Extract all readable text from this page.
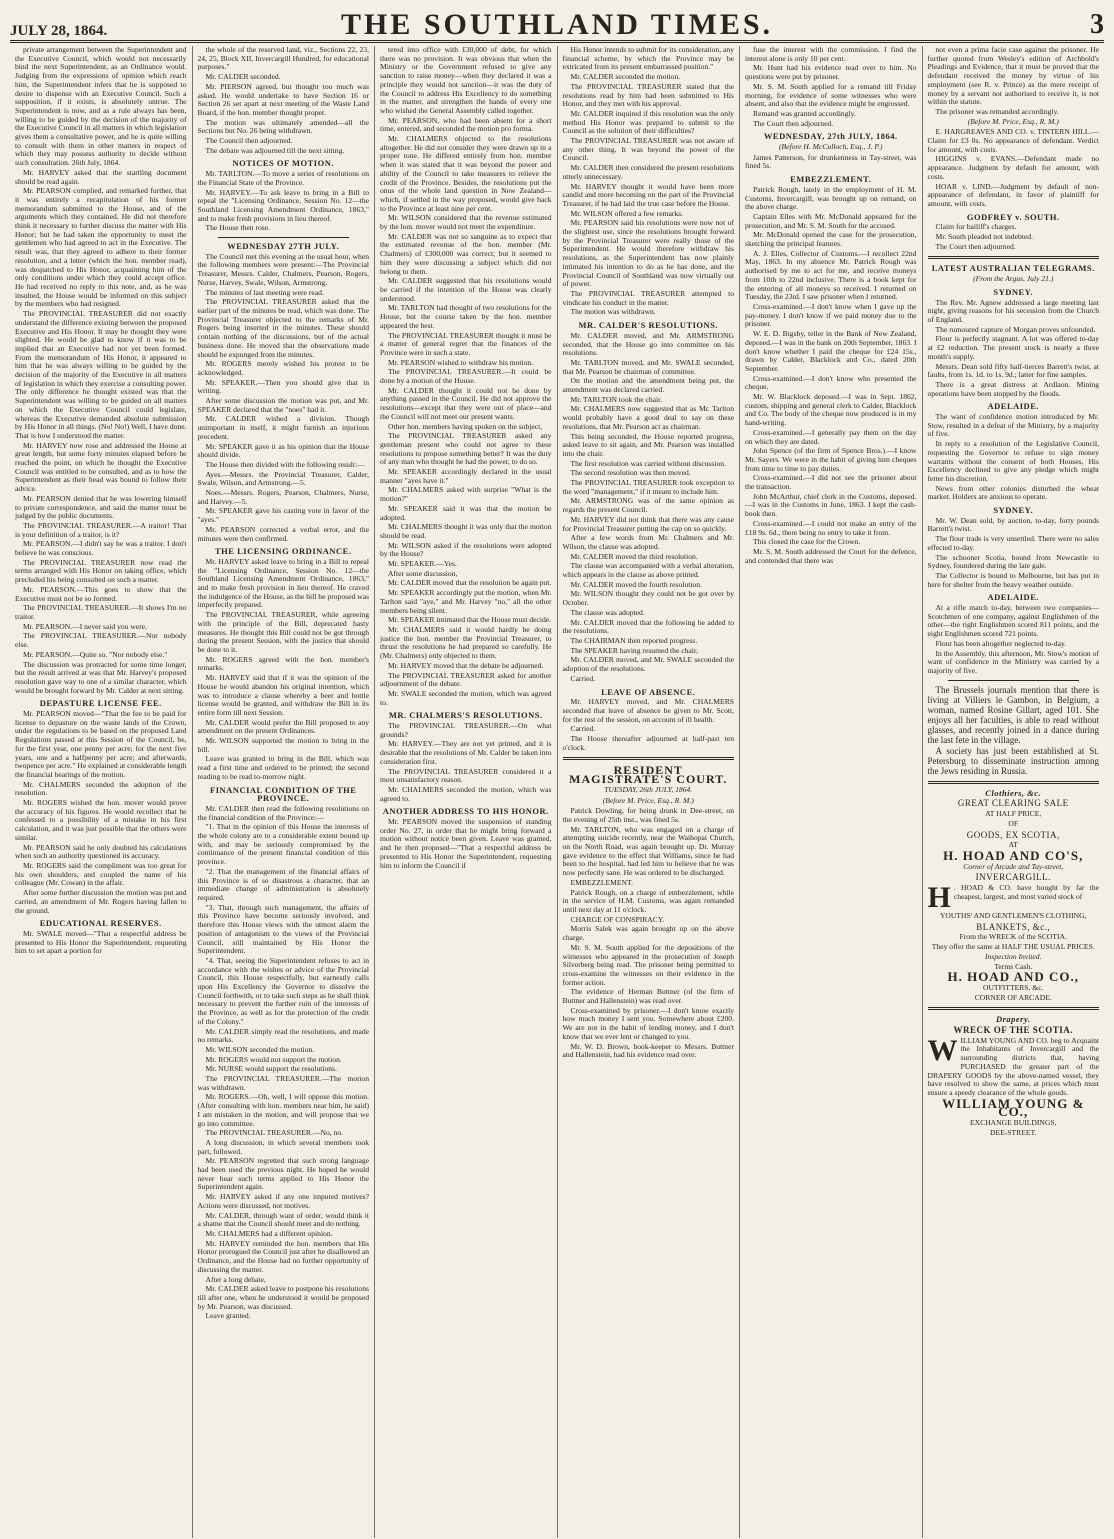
JULY 28, 1864.	THE SOUTHLAND TIMES.	3

private arrangement between the Superintendent and the Executive Council, which would not necessarily bind the next Superintendent, as an Ordinance would. Judging from the expressions of opinion which reach him, the Superintendent infers that he is supposed to desire to dispense with an Executive Council. Such a supposition, if it exists, is absolutely untrue. The Superintendent is now, and as a rule always has been, willing to be guided by the decision of the majority of the Executive Council in all matters in which legislation gives them a consultative power, and he is quite willing to consult with them in other matters in respect of which they may possess authority to decide without such consultation. 26th July, 1864.

Mr. HARVEY asked that the startling document should be read again.

Mr. PEARSON complied, and remarked further, that it was entirely a recapitulation of his former memorandum submitted to the House, and of the arguments which they contained. He did not therefore think it necessary to further discuss the matter with His Honor; but he had taken the opportunity to meet the gentlemen who had agreed to act in the Executive. The result was, that they agreed to adhere to their former resolution, and a letter (which the hon. member read), was despatched to His Honor, acquainting him of the only conditions under which they could accept office. He had received no reply to this note, and, as he was insulted, the House would be informed on this subject by the members who had resigned.

The PROVINCIAL TREASURER did not exactly understand the difference existing between the proposed Executive and His Honor. It may be thought they were slighted. He would be glad to know if it was to be implied that an Executive had not yet been formed. From the memorandum of His Honor, it appeared to him that he was always willing to be guided by the decision of the majority of the Executive in all matters of legislation in which they exercise a consulting power. The only difference he thought existed was that the Superintendent was willing to be guided on all matters on which the Executive Council could legislate, whereas the Executive demanded absolute submission by His Honor in all things. (No! No!) Well, I have done. That is how I understood the matter.

Mr. HARVEY now rose and addressed the House at great length, but some forty minutes elapsed before he reached the point, on which he thought the Executive Council was entitled to be consulted, and as to how the Superintendent as their head was bound to follow their advice.

Mr. PEARSON denied that he was lowering himself to private correspondence, and said the matter must be judged by the public documents.

The PROVINCIAL TREASURER.—A traitor! That is your definition of a traitor, is it?

Mr. PEARSON.—I didn't say he was a traitor. I don't believe he was conscious.

The PROVINCIAL TREASURER now read the terms arranged with His Honor on taking office, which precluded his being consulted on such a matter.

Mr. PEARSON.—This goes to show that the Executive must not be so formed.

The PROVINCIAL TREASURER.—It shows I'm no traitor.

Mr. PEARSON.—I never said you were.

The PROVINCIAL TREASURER.—Nor nobody else.

Mr. PEARSON.—Quite so. "Nor nobody else."

The discussion was protracted for some time longer, but the result arrived at was that Mr. Harvey's proposed resolution gave way to one of a similar character, which would be brought forward by Mr. Calder at next sitting.

DEPASTURE LICENSE FEE.

Mr. PEARSON moved—"That the fee to be paid for license to depasture on the waste lands of the Crown, under the regulations to be based on the proposed Land Regulations passed at this Session of the Council, be, for the first year, one penny per acre; for the next five years, one and a halfpenny per acre; and afterwards, twopence per acre." He explained at considerable length the financial bearings of the motion.

Mr. CHALMERS seconded the adoption of the resolution.

Mr. ROGERS wished the hon. mover would prove the accuracy of his figures. He would recollect that he confessed to a possibility of a mistake in his first calculation, and it was just possible that the others were similar.

Mr. PEARSON said he only doubted his calculations when such an authority questioned its accuracy.

Mr. ROGERS said the compliment was too great for his own shoulders, and coupled the name of his colleague (Mr. Cowan) in the affair.

After some further discussion the motion was put and carried, an amendment of Mr. Rogers having fallen to the ground.

EDUCATIONAL RESERVES.

Mr. SWALE moved—"That a respectful address be presented to His Honor the Superintendent, requesting him to set apart a portion for

the whole of the reserved land, viz., Sections 22, 23, 24, 25, Block XII, Invercargill Hundred, for educational purposes."

Mr. CALDER seconded.

Mr. PIERSON agreed, but thought too much was asked. He would undertake to have Section 16 or Section 26 set apart at next meeting of the Waste Land Board, if the hon. member thought proper.

The motion was ultimately amended—all the Sections but No. 26 being withdrawn.

The Council then adjourned.

The debate was adjourned till the next sitting.

NOTICES OF MOTION.

Mr. TARLTON.—To move a series of resolutions on the Financial State of the Province.

Mr. HARVEY.—To ask leave to bring in a Bill to repeal the "Licensing Ordinance, Session No. 12—the Southland Licensing Amendment Ordinance, 1863," and to make fresh provisions in lieu thereof.

The House then rose.

WEDNESDAY 27TH JULY.

The Council met this evening at the usual hour, when the following members were present:—The Provincial Treasurer, Messrs. Calder, Chalmers, Pearson, Rogers, Nurse, Harvey, Swale, Wilson, Armstrong.

The minutes of last meeting were read.

The PROVINCIAL TREASURER asked that the earlier part of the minutes be read, which was done. The Provincial Treasurer objected to the remarks of Mr. Rogers being inserted in the minutes. These should contain nothing of the discussions, but of the actual business done. He moved that the observations made should be expunged from the minutes.

Mr. ROGERS merely wished his protest to be acknowledged.

Mr. SPEAKER.—Then you should give that in writing.

After some discussion the motion was put, and Mr. SPEAKER declared that the "noes" had it.

Mr. CALDER wished a division. Though unimportant in itself, it might furnish an injurious precedent.

Mr. SPEAKER gave it as his opinion that the House should divide.

The House then divided with the following result:—

Ayes.—Messrs. the Provincial Treasurer, Calder, Swale, Wilson, and Armstrong.—5.

Noes.—Messrs. Rogers, Pearson, Chalmers, Nurse, and Harvey.—5.

Mr. SPEAKER gave his casting vote in favor of the "ayes."

Mr. PEARSON corrected a verbal error, and the minutes were then confirmed.

THE LICENSING ORDINANCE.

Mr. HARVEY asked leave to bring in a Bill to repeal the "Licensing Ordinance, Session No. 12—the Southland Licensing Amendment Ordinance, 1863," and to make fresh provision in lieu thereof. He craved the indulgence of the House, as the bill he proposed was imperfectly prepared.

The PROVINCIAL TREASURER, while agreeing with the principle of the Bill, deprecated hasty measures. He thought this Bill could not be got through during the present Session, with the justice that should be done to it.

Mr. ROGERS agreed with the hon. member's remarks.

Mr. HARVEY said that if it was the opinion of the House he would abandon his original intention, which was to introduce a clause whereby a beer and bottle license would be granted, and withdraw the Bill in its entire form till next Session.

Mr. CALDER would prefer the Bill proposed to any amendment on the present Ordinances.

Mr. WILSON supported the motion to bring in the bill.

Leave was granted to bring in the Bill, which was read a first time and ordered to be printed; the second reading to be read to-morrow night.

FINANCIAL CONDITION OF THE PROVINCE.

Mr. CALDER then read the following resolutions on the financial condition of the Province:—

"1. That in the opinion of this House the interests of the whole colony are to a considerable extent bound up with, and may be seriously compromised by the continuance of the present financial condition of this province.

"2. That the management of the financial affairs of this Province is of so disastrous a character, that an immediate change of administration is absolutely required.

"3. That, through such management, the affairs of this Province have become seriously involved, and therefore this House views with the utmost alarm the position of antagonism to the views of the Provincial Council, still maintained by His Honor the Superintendent.

"4. That, seeing the Superintendent refuses to act in accordance with the wishes or advice of the Provincial Council, this House respectfully, but earnestly calls upon His Excellency the Governor to dissolve the Council forthwith, or to take such steps as he shall think necessary to prevent the further ruin of the interests of the Province, as well as for the protection of the credit of the Colony."

Mr. CALDER simply read the resolutions, and made no remarks.

Mr. WILSON seconded the motion.

Mr. ROGERS would not support the motion.

Mr. NURSE would support the resolutions.

The PROVINCIAL TREASURER.—The motion was withdrawn.

Mr. ROGERS.—Oh, well, I will oppose this motion. (After consulting with hon. members near him, he said) I am mistaken in the motion, and will propose that we go into committee.

The PROVINCIAL TREASURER.—No, no.

A long discussion, in which several members took part, followed.

Mr. PEARSON regretted that such strong language had been used the previous night. He hoped he would never hear such terms applied to His Honor the Superintendent again.

Mr. HARVEY asked if any one imputed motives? Actions were discussed, not motives.

Mr. CALDER, through want of order, would think it a shame that the Council should meet and do nothing.

Mr. CHALMERS had a different opinion.

Mr. HARVEY reminded the hon. members that His Honor prorogued the Council just after he disallowed an Ordinance, and the House had no further opportunity of discussing the matter.

After a long debate,

Mr. CALDER asked leave to postpone his resolutions till after one, when he understood it would be proposed by Mr. Pearson, was discussed.

Leave granted.

tered into office with £30,000 of debt, for which there was no provision. It was obvious that when the Ministry or the Government refused to give any sanction to raise money—when they declared it was a principle they would not sanction—it was the duty of the Council to address His Excellency to do something in the matter, and strengthen the hands of every one who wished the General Assembly called together.

Mr. PEARSON, who had been absent for a short time, entered, and seconded the motion pro forma.

Mr. CHALMERS objected to the resolutions altogether. He did not consider they were drawn up in a proper tone. He differed entirely from hon. member when it was stated that it was beyond the power and ability of the Council to take measures to relieve the credit of the Province. Besides, the resolutions put the onus of the whole land question in New Zealand—which, if settled in the way proposed, would give back to the Province at least nine per cent.

Mr. WILSON considered that the revenue estimated by the hon. mover would not meet the expenditure.

Mr. CALDER was not so sanguine as to expect that the estimated revenue of the hon. member (Mr. Chalmers) of £300,000 was correct; but it seemed to him they were discussing a subject which did not belong to them.

Mr. CALDER suggested that his resolutions would be carried if the intention of the House was clearly understood.

Mr. TARLTON had thought of two resolutions for the House, but the course taken by the hon. member appeared the best.

The PROVINCIAL TREASURER thought it must be a matter of general regret that the finances of the Province were in such a state.

Mr. PEARSON wished to withdraw his motion.

The PROVINCIAL TREASURER.—It could be done by a motion of the House.

Mr. CALDER thought it could not be done by anything passed in the Council. He did not approve the resolutions—except that they were out of place—and the Council will not meet our present wants.

Other hon. members having spoken on the subject,

The PROVINCIAL TREASURER asked any gentleman present who could not agree to these resolutions to propose something better? It was the duty of any man who thought he had the power, to do so.

Mr. SPEAKER accordingly declared in the usual manner "ayes have it."

Mr. CHALMERS asked with surprise "What is the motion?"

Mr. SPEAKER said it was that the motion be adopted.

Mr. CHALMERS thought it was only that the motion should be read.

Mr. WILSON asked if the resolutions were adopted by the House?

Mr. SPEAKER.—Yes.

After some discussion,

Mr. CALDER moved that the resolution be again put.

Mr. SPEAKER accordingly put the motion, when Mr. Tarlton said "aye," and Mr. Harvey "no," all the other members being silent.

Mr. SPEAKER intimated that the House must decide.

Mr. CHALMERS said it would hardly be doing justice the hon. member the Provincial Treasurer, to thrust the resolutions he had prepared so carefully. He (Mr. Chalmers) only objected to them.

Mr. HARVEY moved that the debate be adjourned.

The PROVINCIAL TREASURER asked for another adjournment of the debate.

Mr. SWALE seconded the motion, which was agreed to.

MR. CHALMERS'S RESOLUTIONS.

The PROVINCIAL TREASURER.—On what grounds?

Mr. HARVEY.—They are not yet printed, and it is desirable that the resolutions of Mr. Calder be taken into consideration first.

The PROVINCIAL TREASURER considered it a most unsatisfactory reason.

Mr. CHALMERS seconded the motion, which was agreed to.

ANOTHER ADDRESS TO HIS HONOR.

Mr. PEARSON moved the suspension of standing order No. 27, in order that he might bring forward a motion without notice been given. Leave was granted, and he then proposed—"That a respectful address be presented to His Honor the Superintendent, requesting him to inform the Council if

His Honor intends to submit for its consideration, any financial scheme, by which the Province may be extricated from its present embarrassed position."

Mr. CALDER seconded the motion.

The PROVINCIAL TREASURER stated that the resolutions read by him had been submitted to His Honor, and they met with his approval.

Mr. CALDER inquired if this resolution was the only method His Honor was prepared to submit to the Council as the solution of their difficulties?

The PROVINCIAL TREASURER was not aware of any other thing. It was beyond the power of the Council.

Mr. CALDER then considered the present resolutions utterly unnecessary.

Mr. HARVEY thought it would have been more candid and more becoming on the part of the Provincial Treasurer, if he had laid the true case before the House.

Mr. WILSON offered a few remarks.

Mr. PEARSON said his resolutions were now not of the slightest use, since the resolutions brought forward by the Provincial Treasurer were really those of the Superintendent. He would therefore withdraw his resolutions, as the Superintendent has now plainly intimated his intention to do as he has done, and the Provincial Council of Southland was now virtually out of power.

The PROVINCIAL TREASURER attempted to vindicate his conduct in the matter.

The motion was withdrawn.

MR. CALDER'S RESOLUTIONS.

Mr. CALDER moved, and Mr. ARMSTRONG seconded, that the House go into committee on his resolutions.

Mr. TARLTON moved, and Mr. SWALE seconded, that Mr. Pearson be chairman of committee.

On the motion and the amendment being put, the amendment was declared carried.

Mr. TARLTON took the chair.

Mr. CHALMERS now suggested that as Mr. Tarlton would probably have a good deal to say on these resolutions, that Mr. Pearson act as chairman.

This being seconded, the House reported progress, asked leave to sit again, and Mr. Pearson was installed into the chair.

The first resolution was carried without discussion.

The second resolution was then moved.

The PROVINCIAL TREASURER took exception to the word "management," if it meant to include him.

Mr. ARMSTRONG was of the same opinion as regards the present Council.

Mr. HARVEY did not think that there was any cause for Provincial Treasurer putting the cap on so quickly.

After a few words from Mr. Chalmers and Mr. Wilson, the clause was adopted.

Mr. CALDER moved the third resolution.

The clause was accompanied with a verbal alteration, which appears in the clause as above printed.

Mr. CALDER moved the fourth resolution.

Mr. WILSON thought they could not be got over by October.

The clause was adopted.

Mr. CALDER moved that the following be added to the resolutions.

The CHAIRMAN then reported progress.

The SPEAKER having resumed the chair,

Mr. CALDER moved, and Mr. SWALE seconded the adoption of the resolutions.

Carried.

LEAVE OF ABSENCE.

Mr. HARVEY moved, and Mr. CHALMERS seconded that leave of absence be given to Mr. Scott, for the rest of the session, on account of ill health.

Carried.

The House thereafter adjourned at half-past ten o'clock.

RESIDENT MAGISTRATE'S COURT.
TUESDAY, 26th JULY, 1864.
(Before M. Price, Esq., R. M.)

Patrick Dowling, for being drunk in Dee-street, on the evening of 25th inst., was fined 5s.

Mr. TARLTON, who was engaged on a charge of attempting suicide recently, near the Waihopai Church, on the North Road, was again brought up. Dr. Murray gave evidence to the effect that Williams, since he had been to the hospital, had led him to believe that he was now perfectly sane. He was ordered to be discharged.

EMBEZZLEMENT.

Patrick Rough, on a charge of embezzlement, while in the service of H.M. Customs, was again remanded until next day at 11 o'clock.

CHARGE OF CONSPIRACY.

Morris Salek was again brought up on the above charge.

Mr. S. M. South applied for the depositions of the witnesses who appeared in the prosecution of Joseph Silverberg being read. The prisoner being permitted to cross-examine the witnesses on their evidence in the former action.

The evidence of Herman Buttner (of the firm of Buttner and Hallenstein) was read over.

Cross-examined by prisoner.—I don't know exactly how much money I sent you. Somewhere about £200. We are not in the habit of lending money, and I don't know that we ever lent or changed to you.

Mr. W. D. Brown, book-keeper to Messrs. Buttner and Hallenstein, had his evidence read over.

fuse the interest with the commission. I find the interest alone is only 10 per cent.

Mr. Hunt had his evidence read over to him. No questions were put by prisoner.

Mr. S. M. South applied for a remand till Friday morning, for evidence of some witnesses who were absent, and also that the evidence might be engrossed.

Remand was granted accordingly.

The Court then adjourned.

WEDNESDAY, 27th JULY, 1864.
(Before H. McCulloch, Esq., J. P.)

James Patterson, for drunkenness in Tay-street, was fined 5s.

EMBEZZLEMENT.

Patrick Rough, lately in the employment of H. M. Customs, Invercargill, was brought up on remand, on the above charge.

Captain Elles with Mr. McDonald appeared for the prosecution, and Mr. S. M. South for the accused.

Mr. McDonald opened the case for the prosecution, sketching the principal features.

A. J. Elles, Collector of Customs.—I recollect 22nd May, 1863. In my absence Mr. Patrick Rough was authorised by me to act for me, and receive moneys from 10th to 22nd inclusive. There is a book kept for the entering of all moneys so received. I returned on Tuesday, the 23rd. I saw prisoner when I returned.

Cross-examined.—I don't know when I gave up the pay-money. I don't know if we paid money due to the prisoner.

W. E. D. Bigsby, teller in the Bank of New Zealand, deposed.—I was in the bank on 20th September, 1863. I don't know whether I paid the cheque for £24 15s., drawn by Calder, Blacklock and Co., dated 20th September.

Cross-examined.—I don't know who presented the cheque.

Mr. W. Blacklock deposed.—I was in Sept. 1862, custom, shipping and general clerk to Calder, Blacklock and Co. The body of the cheque now produced is in my hand-writing.

Cross-examined.—I generally pay them on the day on which they are dated.

John Spence (of the firm of Spence Bros.).—I know Mr. Sayers. We were in the habit of giving him cheques from time to time to pay duties.

Cross-examined.—I did not see the prisoner about the transaction.

John McArthur, chief clerk in the Customs, deposed.—I was in the Customs in June, 1863. I kept the cash-book then.

Cross-examined.—I could not make an entry of the £18 9s. 6d., there being no entry to take it from.

This closed the case for the Crown.

Mr. S. M. South addressed the Court for the defence, and contended that there was

not even a prima facie case against the prisoner. He further quoted from Wesley's edition of Archbold's Pleadings and Evidence, that it must be proved that the defendant received the money by virtue of his employment (see R. v. Prince) as the mere receipt of money by a servant not authorised to receive it, is not within the statute.

The prisoner was remanded accordingly.

(Before M. Price, Esq., R. M.)

E. HARGREAVES AND CO. v. TINTERN HILL.—Claim for £3 0s. No appearance of defendant. Verdict for amount, with costs.

HIGGINS v. EVANS.—Defendant made no appearance. Judgment by default for amount, with costs.

HOAR v. LIND.—Judgment by default of non-appearance of defendant, in favor of plaintiff for amount, with costs.

GODFREY v. SOUTH.

Claim for bailiff's charges.

Mr. South pleaded not indebted.

The Court then adjourned.

LATEST AUSTRALIAN TELEGRAMS.
(From the Argus, July 21.)
SYDNEY.

The Rev. Mr. Agnew addressed a large meeting last night, giving reasons for his secession from the Church of England.

The rumoured capture of Morgan proves unfounded.

Flour is perfectly stagnant. A lot was offered to-day at £2 reduction. The present stock is nearly a three month's supply.

Messrs. Dean sold fifty half-tierces Barrett's twist, at faults, from 1s. 1d. to 1s. 9d.; latter for fine samples.

There is a great distress at Ardlaon. Mining operations have been stopped by the floods.

ADELAIDE.

The want of confidence motion introduced by Mr. Stow, resulted in a defeat of the Ministry, by a majority of five.

In reply to a resolution of the Legislative Council, requesting the Governor to refuse to sign money warrants without the consent of both Houses, His Excellency declined to give any pledge which might fetter his discretion.

News from other colonies disturbed the wheat market. Holders are anxious to operate.

SYDNEY.

Mr. W. Dean sold, by auction, to-day, forty pounds Barrett's twist.

The flour trade is very unsettled. There were no sales effected to-day.

The schooner Scotia, bound from Newcastle to Sydney, foundered during the late gale.

The Collector is bound to Melbourne, but has put in here for shelter from the heavy weather outside.

ADELAIDE.

At a rifle match to-day, between two companies—Scotchmen of one company, against Englishmen of the other—the right Englishmen scored 811 points, and the eight Englishmen scored 721 points.

Flour has been altogether neglected to-day.

In the Assembly, this afternoon, Mr. Stow's motion of want of confidence in the Ministry was carried by a majority of five.

The Brussels journals mention that there is living at Villiers le Gambon, in Belgium, a woman, named Rosine Gillart, aged 101. She enjoys all her faculties, is able to read without glasses, and recently joined in a dance during the last fete in the village.

A society has just been established at St. Petersburg to disseminate instruction among the Jews residing in Russia.

Clothiers, &c.
GREAT CLEARING SALE
AT HALF PRICE,
OF
GOODS, EX SCOTIA,
AT
H. HOAD AND CO'S,
Corner of Arcade and Tay-street,
INVERCARGILL.
H . HOAD & CO. have bought by far the cheapest, largest, and most varied stock of
YOUTHS' AND GENTLEMEN'S CLOTHING,
BLANKETS, &c.,
From the WRECK of the SCOTIA.
They offer the same at HALF THE USUAL PRICES.
Inspection Invited.
Terms Cash.
H. HOAD AND CO.,
OUTFITTERS, &c.
CORNER OF ARCADE.
Drapery.
WRECK OF THE SCOTIA.
WILLIAM YOUNG AND CO. beg to Acquaint the Inhabitants of Invercargill and the surrounding districts that, having PURCHASED the greater part of the DRAPERY GOODS by the above-named vessel, they have resolved to show the same, at prices which must ensure a speedy clearance of the whole goods.
WILLIAM YOUNG & CO.,
EXCHANGE BUILDINGS,
DEE-STREET.
